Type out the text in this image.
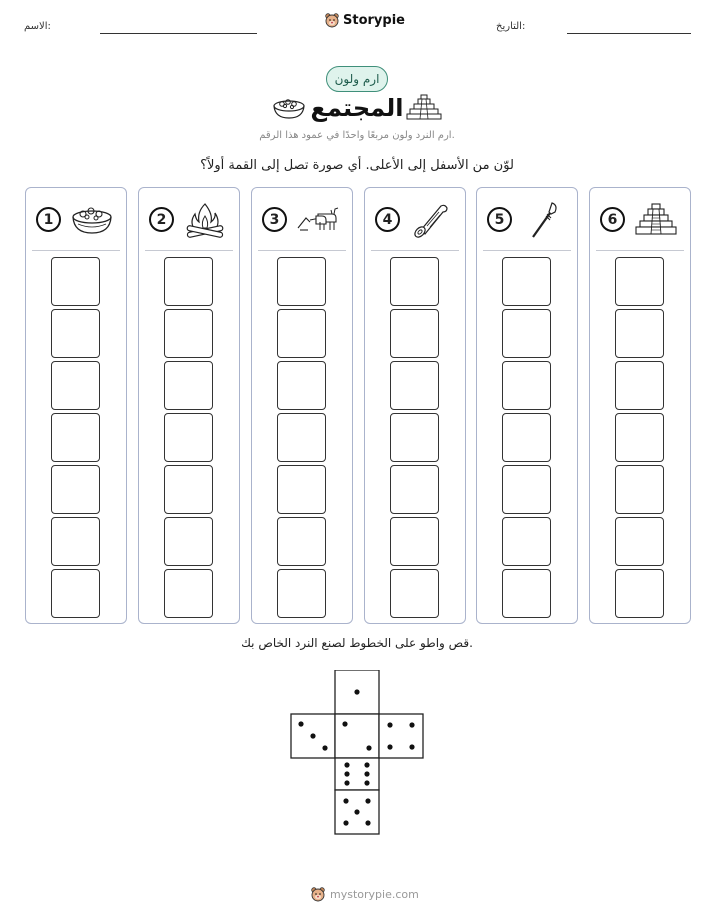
الاسم:	Storypie	التاريخ:
ارم ولون
المجتمع
ارم النرد ولون مربعًا واحدًا في عمود هذا الرقم.
لوّن من الأسفل إلى الأعلى. أي صورة تصل إلى القمة أولاً؟
1	2	3	4	5	6
قص واطو على الخطوط لصنع النرد الخاص بك.
mystorypie.com
